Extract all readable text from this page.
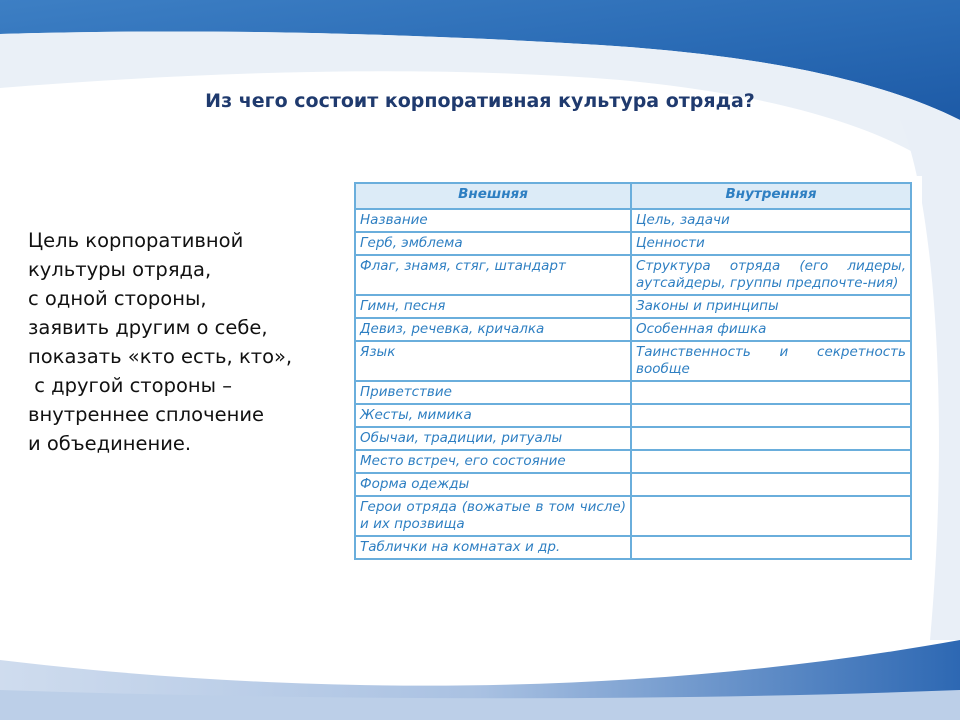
Из чего состоит корпоративная культура отряда?
Цель корпоративной
культуры отряда,
с одной стороны,
заявить другим о себе,
показать «кто есть, кто»,
с другой стороны –
внутреннее сплочение
и объединение.
Внешняя	Внутренняя
Название	Цель, задачи
Герб, эмблема	Ценности
Флаг, знамя, стяг, штандарт	Структура отряда (его лидеры, аутсайдеры, группы предпочте-ния)
Гимн, песня	Законы и принципы
Девиз, речевка, кричалка	Особенная фишка
Язык	Таинственность и секретность вообще
Приветствие	
Жесты, мимика	
Обычаи, традиции, ритуалы	
Место встреч, его состояние	
Форма одежды	
Герои отряда (вожатые в том числе) и их прозвища	
Таблички на комнатах и др.	
